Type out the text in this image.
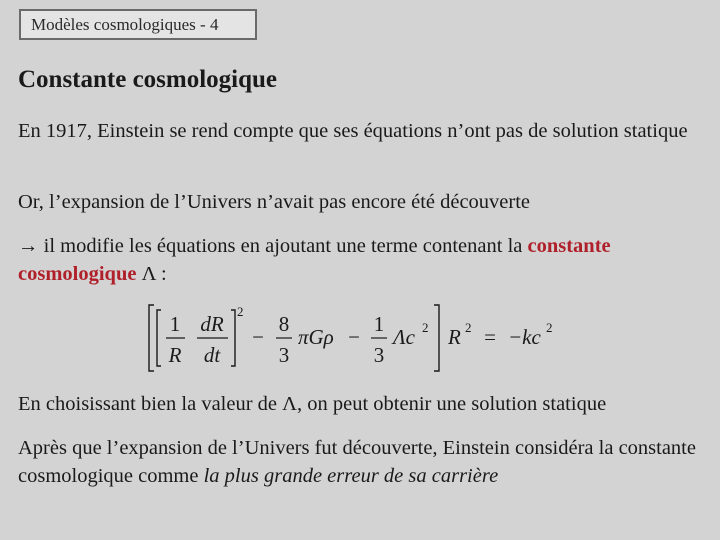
Modèles cosmologiques - 4
Constante cosmologique

En 1917, Einstein se rend compte que ses équations n’ont pas de solution statique

Or, l’expansion de l’Univers n’avait pas encore été découverte

→ il modifie les équations en ajoutant une terme contenant la constante cosmologique Λ :

1
R
dR
dt
2
−
8
3
πGρ −
1
3
Λc 2 R 2 = −kc 2

En choisissant bien la valeur de Λ, on peut obtenir une solution statique

Après que l’expansion de l’Univers fut découverte, Einstein considéra la constante cosmologique comme la plus grande erreur de sa carrière
